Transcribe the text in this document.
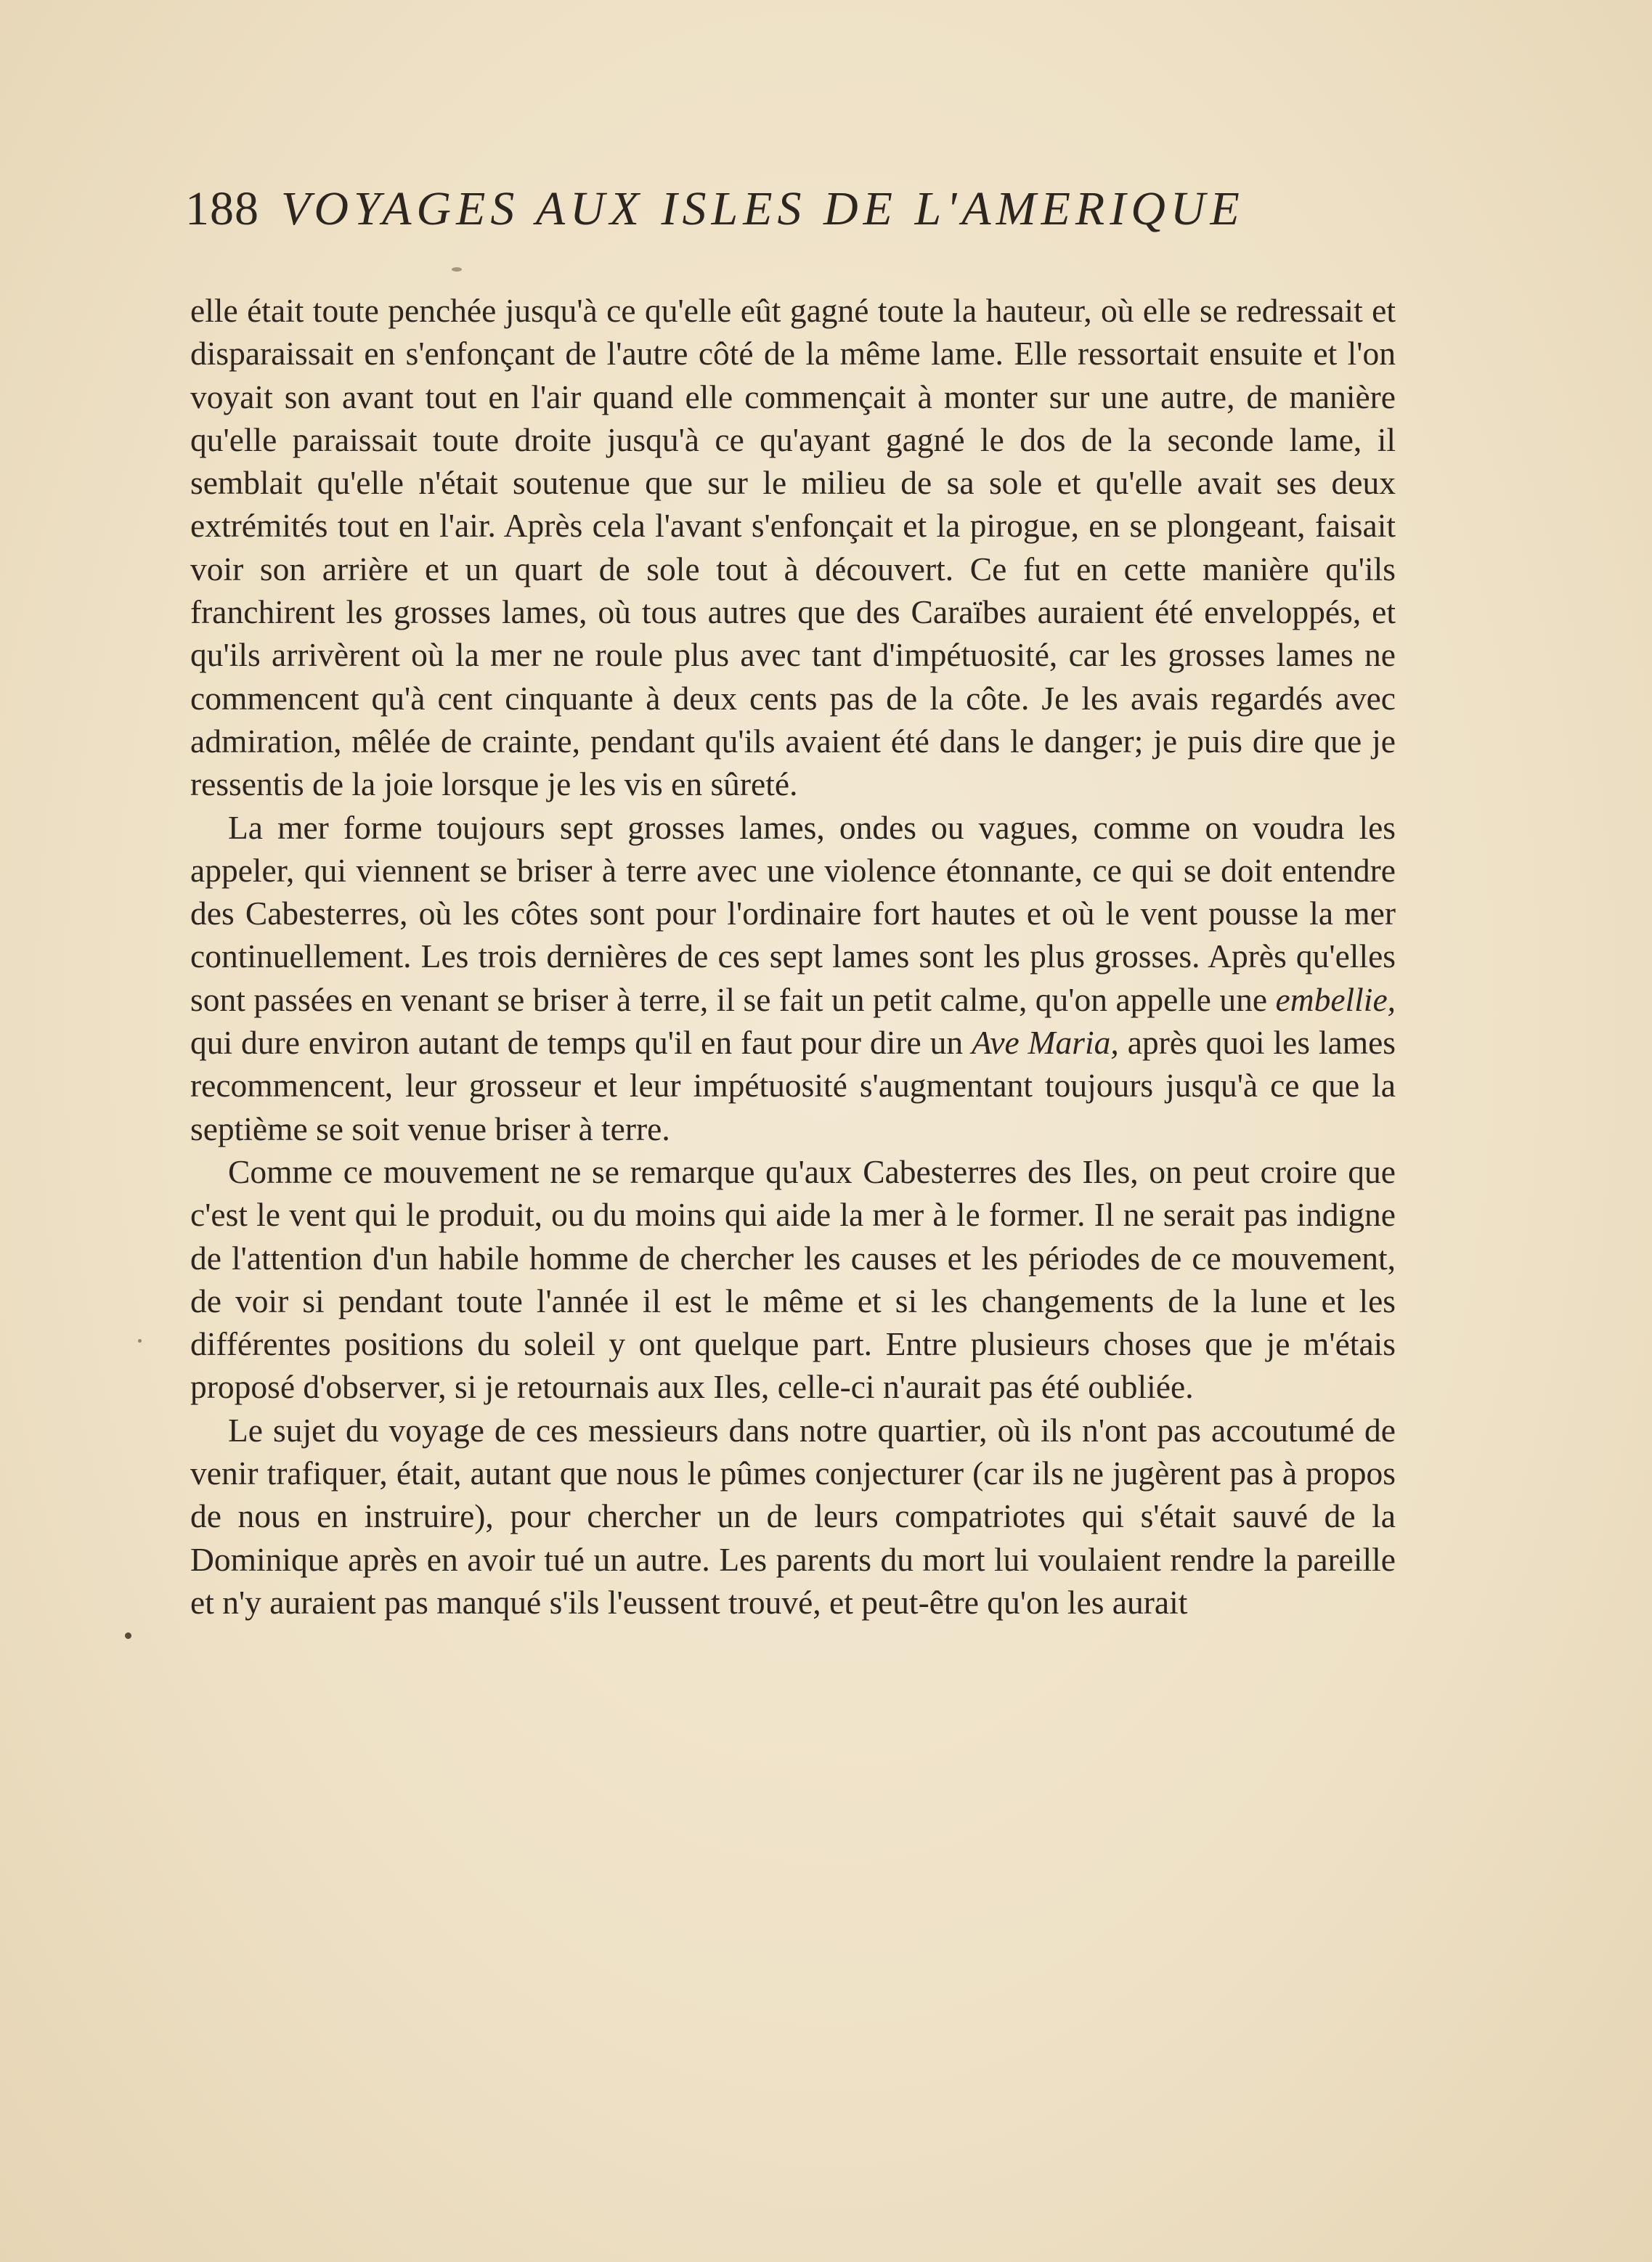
188 VOYAGES AUX ISLES DE L'AMERIQUE

elle était toute penchée jusqu'à ce qu'elle eût gagné toute la hauteur, où elle se redressait et disparaissait en s'enfonçant de l'autre côté de la même lame. Elle ressortait ensuite et l'on voyait son avant tout en l'air quand elle commençait à monter sur une autre, de manière qu'elle paraissait toute droite jusqu'à ce qu'ayant gagné le dos de la seconde lame, il semblait qu'elle n'était soutenue que sur le milieu de sa sole et qu'elle avait ses deux extrémités tout en l'air. Après cela l'avant s'enfonçait et la pirogue, en se plongeant, faisait voir son arrière et un quart de sole tout à découvert. Ce fut en cette manière qu'ils franchirent les grosses lames, où tous autres que des Caraïbes auraient été enveloppés, et qu'ils arrivèrent où la mer ne roule plus avec tant d'impétuosité, car les grosses lames ne commencent qu'à cent cinquante à deux cents pas de la côte. Je les avais regardés avec admiration, mêlée de crainte, pendant qu'ils avaient été dans le danger; je puis dire que je ressentis de la joie lorsque je les vis en sûreté.

La mer forme toujours sept grosses lames, ondes ou vagues, comme on voudra les appeler, qui viennent se briser à terre avec une violence étonnante, ce qui se doit entendre des Cabesterres, où les côtes sont pour l'ordinaire fort hautes et où le vent pousse la mer continuellement. Les trois dernières de ces sept lames sont les plus grosses. Après qu'elles sont passées en venant se briser à terre, il se fait un petit calme, qu'on appelle une embellie, qui dure environ autant de temps qu'il en faut pour dire un Ave Maria, après quoi les lames recommencent, leur grosseur et leur impétuosité s'augmentant toujours jusqu'à ce que la septième se soit venue briser à terre.

Comme ce mouvement ne se remarque qu'aux Cabesterres des Iles, on peut croire que c'est le vent qui le produit, ou du moins qui aide la mer à le former. Il ne serait pas indigne de l'attention d'un habile homme de chercher les causes et les périodes de ce mouvement, de voir si pendant toute l'année il est le même et si les changements de la lune et les différentes positions du soleil y ont quelque part. Entre plusieurs choses que je m'étais proposé d'observer, si je retournais aux Iles, celle-ci n'aurait pas été oubliée.

Le sujet du voyage de ces messieurs dans notre quartier, où ils n'ont pas accoutumé de venir trafiquer, était, autant que nous le pûmes conjecturer (car ils ne jugèrent pas à propos de nous en instruire), pour chercher un de leurs compatriotes qui s'était sauvé de la Dominique après en avoir tué un autre. Les parents du mort lui voulaient rendre la pareille et n'y auraient pas manqué s'ils l'eussent trouvé, et peut-être qu'on les aurait
